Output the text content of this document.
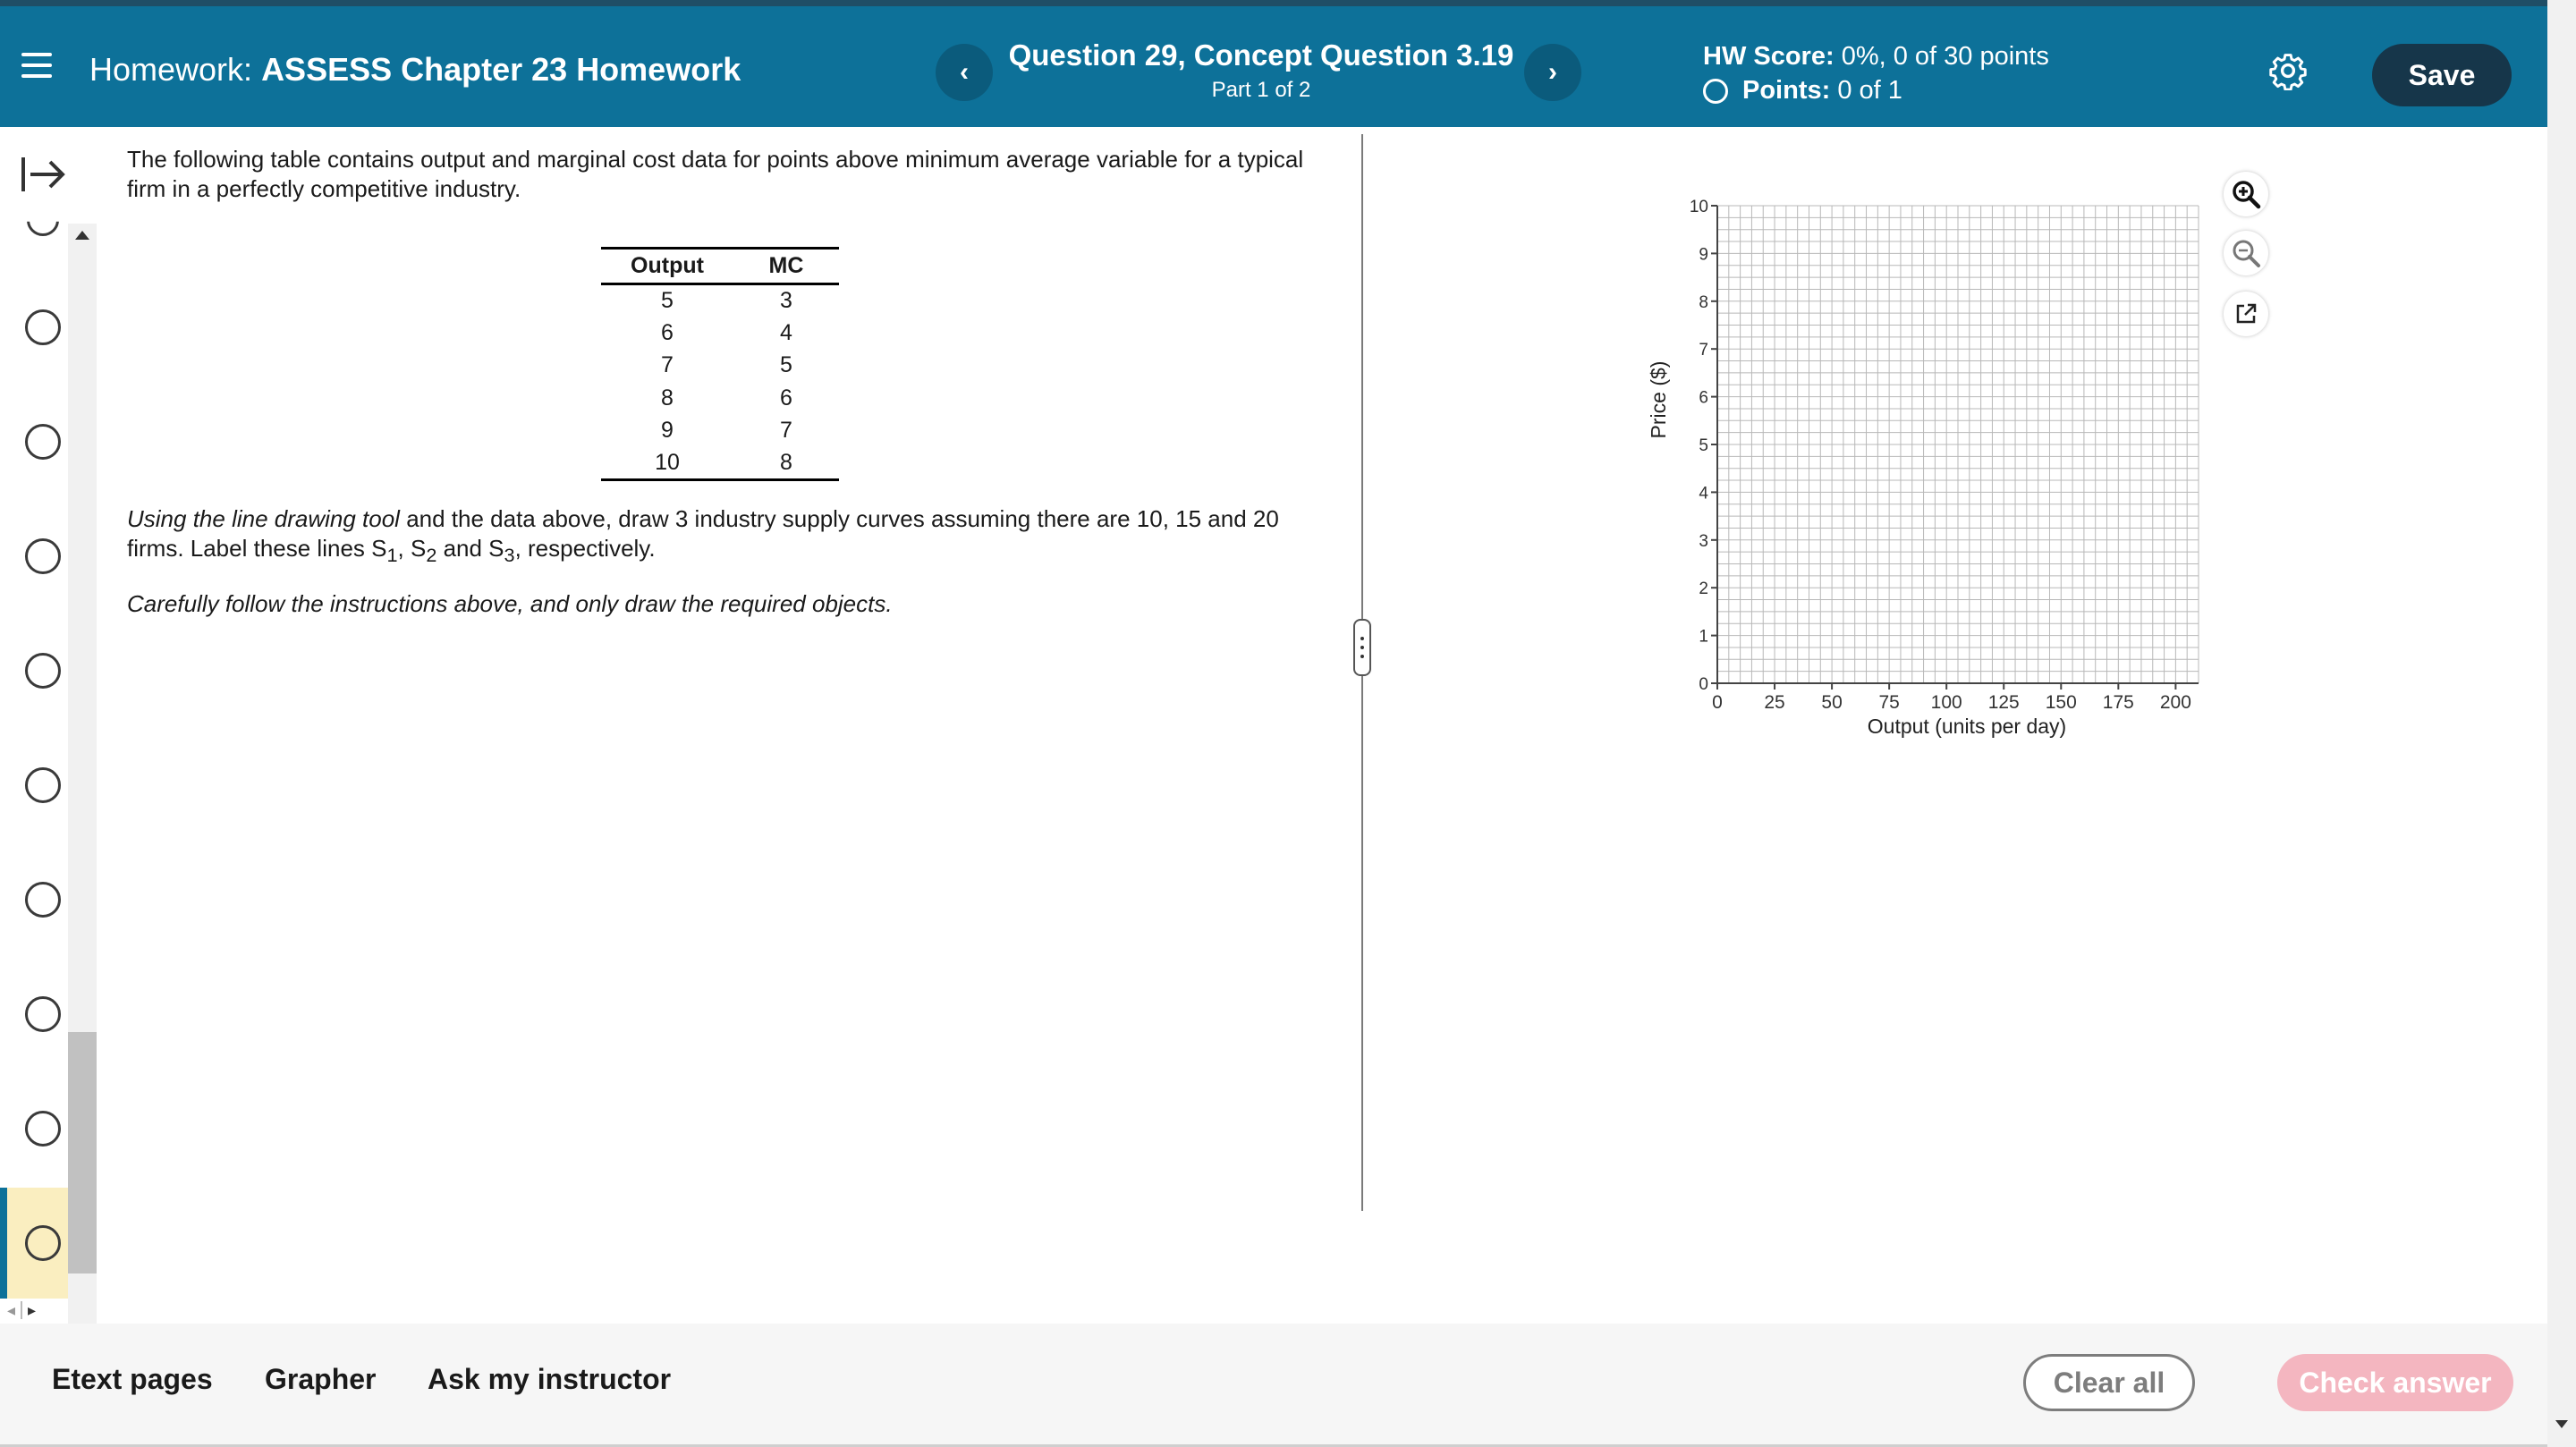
Homework: ASSESS Chapter 23 Homework	‹
Question 29, Concept Question 3.19
Part 1 of 2
›
HW Score: 0%, 0 of 30 points
Points:
0 of 1	Save
◂ ▸

The following table contains output and marginal cost data for points above minimum average variable for a typical firm in a perfectly competitive industry.

Output	MC
5	3
6	4
7	5
8	6
9	7
10	8
Using the line drawing tool and the data above, draw 3 industry supply curves assuming there are 10, 15 and 20 firms. Label these lines $S_1$, $S_2$ and $S_3$, respectively.
Carefully follow the instructions above, and only draw the required objects.
0 25 50 75 100 125 150 175 200
0
1
2
3
4
5
6
7
8
9
10
Output (units per day)
Price ($)
Etext pages Grapher Ask my instructor	Clear all	Check answer
